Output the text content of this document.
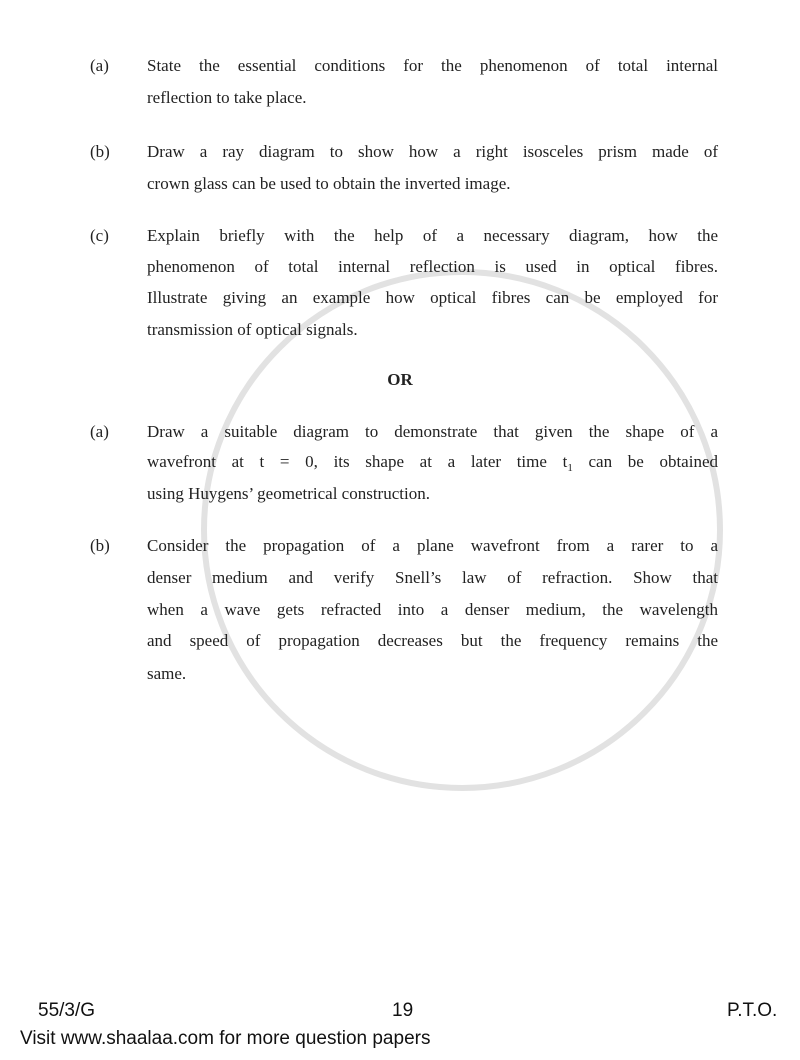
(a) State the essential conditions for the phenomenon of total internal
reflection to take place.
(b) Draw a ray diagram to show how a right isosceles prism made of
crown glass can be used to obtain the inverted image.
(c) Explain briefly with the help of a necessary diagram, how the
phenomenon of total internal reflection is used in optical fibres.
Illustrate giving an example how optical fibres can be employed for
transmission of optical signals.
OR
(a) Draw a suitable diagram to demonstrate that given the shape of a
wavefront at t = 0, its shape at a later time $t_1$ can be obtained
using Huygens’ geometrical construction.
(b) Consider the propagation of a plane wavefront from a rarer to a
denser medium and verify Snell’s law of refraction. Show that
when a wave gets refracted into a denser medium, the wavelength
and speed of propagation decreases but the frequency remains the
same.
55/3/G	19	P.T.O.
Visit www.shaalaa.com for more question papers
